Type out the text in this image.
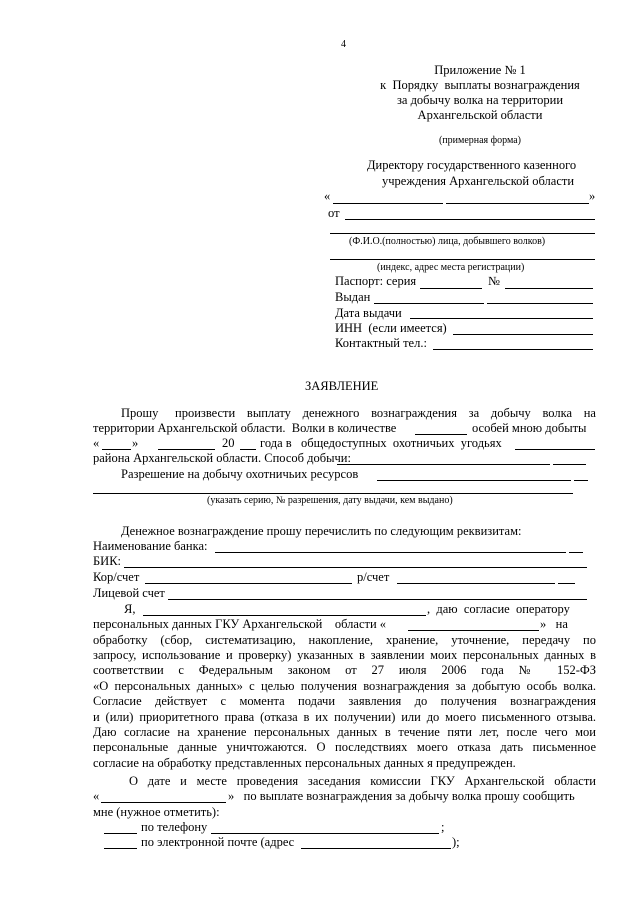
4
Приложение № 1
к  Порядку  выплаты вознаграждения
за добычу волка на территории
Архангельской области
(примерная форма)
Директору государственного казенного
учреждения Архангельской области
«	»
от
(Ф.И.О.(полностью) лица, добывшего волков)
(индекс, адрес места регистрации)
Паспорт: серия	№
Выдан
Дата выдачи
ИНН  (если имеется)
Контактный тел.:
ЗАЯВЛЕНИЕ
Прошу произвести выплату денежного вознаграждения за добычу волка на
территории Архангельской области.  Волки в количестве	особей мною добыты
«	»	20 года в   общедоступных  охотничьих  угодьях
района Архангельской области. Способ добычи:
Разрешение на добычу охотничьих ресурсов
(указать серию, № разрешения, дату выдачи, кем выдано)
Денежное вознаграждение прошу перечислить по следующим реквизитам:
Наименование банка:
БИК:
Кор/счет	р/счет
Лицевой счет
Я,	,  даю  согласие  оператору
персональных данных ГКУ Архангельской    области «	»   на
обработку (сбор, систематизацию, накопление, хранение, уточнение, передачу по
запросу, использование и проверку) указанных в заявлении моих персональных данных в
соответствии с Федеральным законом от 27 июля 2006 года № 152-ФЗ
«О персональных данных» с целью получения вознаграждения за добытую особь волка.
Согласие действует с момента подачи заявления до получения вознаграждения
и (или) приоритетного права (отказа в их получении) или до моего письменного отзыва.
Даю согласие на хранение персональных данных в течение пяти лет, после чего мои
персональные данные уничтожаются. О последствиях моего отказа дать письменное
согласие на обработку представленных персональных данных я предупрежден.
О дате и месте проведения заседания комиссии ГКУ Архангельской области
«	»   по выплате вознаграждения за добычу волка прошу сообщить
мне (нужное отметить):
по телефону	;
по электронной почте (адрес	);
